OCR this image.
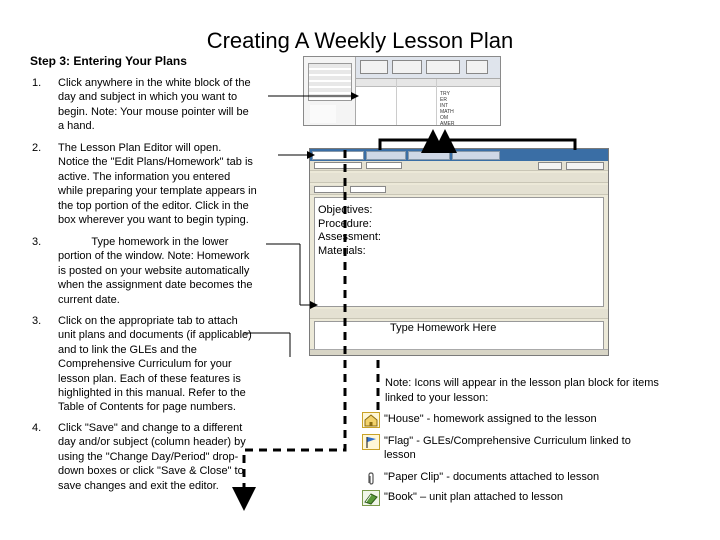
Creating A Weekly Lesson Plan
Step 3: Entering Your Plans
1.	Click anywhere in the white block of the
day and subject in which you want to
begin. Note: Your mouse pointer will be
a hand.
2.	The Lesson Plan Editor will open.
Notice the "Edit Plans/Homework" tab is
active. The information you entered
while preparing your template appears in
the top portion of the editor. Click in the
box wherever you want to begin typing.
3.	Type homework in the lower
portion of the window. Note: Homework
is posted on your website automatically
when the assignment date becomes the
current date.
3.	Click on the appropriate tab to attach
unit plans and documents (if applicable)
and to link the GLEs and the
Comprehensive Curriculum for your
lesson plan. Each of these features is
highlighted in this manual. Refer to the
Table of Contents for page numbers.
4.	Click "Save" and change to a different
day and/or subject (column header) by
using the "Change Day/Period" drop-
down boxes or click "Save & Close" to
save changes and exit the editor.
TRY
ER
INT
MATH
OM
AMER
Objectives:
Procedure:
Assessment:
Materials:
Type Homework Here
Note: Icons will appear in the lesson plan block for items
linked to your lesson:
"House" - homework assigned to the lesson
"Flag" - GLEs/Comprehensive Curriculum linked to
lesson
"Paper Clip" - documents attached to lesson
"Book" – unit plan attached to lesson
